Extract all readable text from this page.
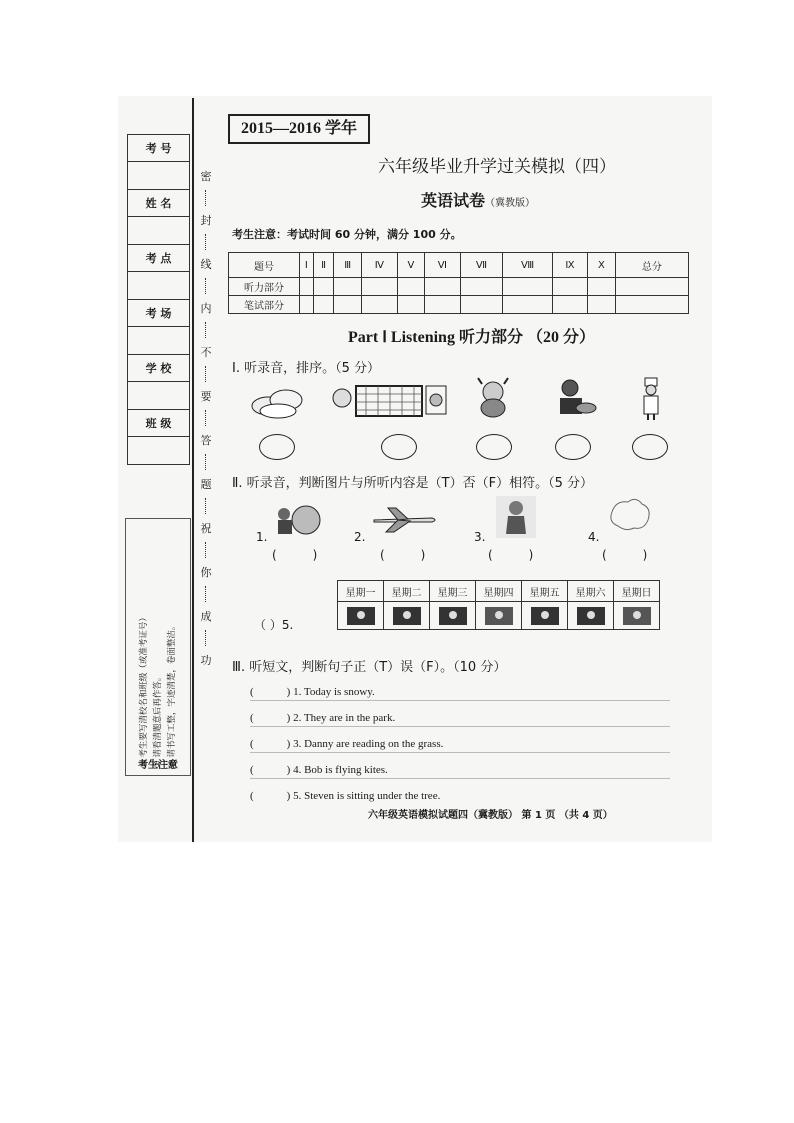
考 号

姓 名

考 点

考 场

学 校

班 级

密
封
线
内
不
要
答
题
祝
你
成
功
① 考生要写清校名和班级（或准考证号） ② 请看清题意后再作答。 ③ 请书写工整，字迹清楚，卷面整洁。
考生注意
2015—2016 学年
六年级毕业升学过关模拟（四）
英语试卷（冀教版）
考生注意：考试时间 60 分钟，满分 100 分。
题号	Ⅰ	Ⅱ	Ⅲ	Ⅳ	Ⅴ	Ⅵ	Ⅶ	Ⅷ	Ⅸ	Ⅹ	总分
听力部分											
笔试部分											
Part Ⅰ Listening 听力部分 （20 分）
Ⅰ. 听录音，排序。（5 分）
Ⅱ. 听录音，判断图片与所听内容是（T）否（F）相符。（5 分）
1.
(　　　)
2.
(　　　)
3.
(　　　)
4.
(　　　)
（ ）5.
星期一	星期二	星期三	星期四	星期五	星期六	星期日

Ⅲ. 听短文，判断句子正（T）误（F）。（10 分）
(　　　) 1. Today is snowy.
(　　　) 2. They are in the park.
(　　　) 3. Danny are reading on the grass.
(　　　) 4. Bob is flying kites.
(　　　) 5. Steven is sitting under the tree.
六年级英语模拟试题四（冀教版） 第 1 页 （共 4 页）
